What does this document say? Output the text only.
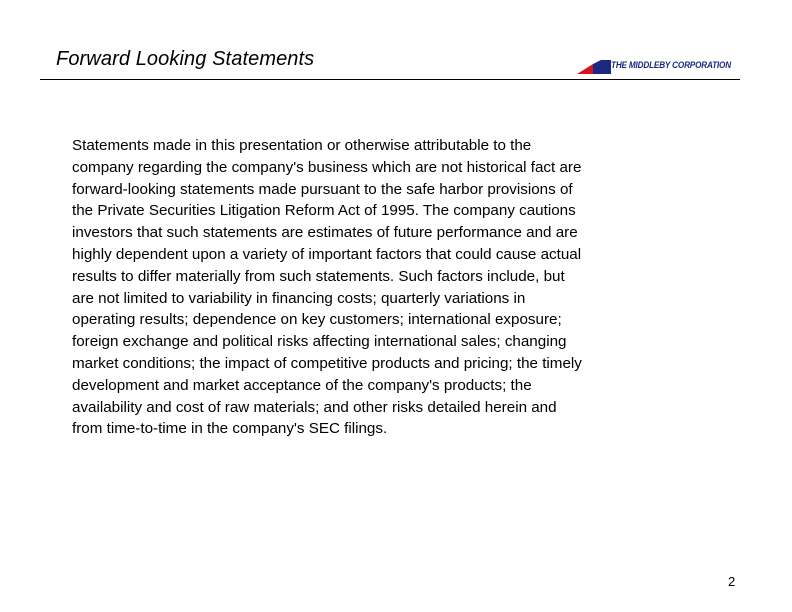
Forward Looking Statements	THE MIDDLEBY CORPORATION
Statements made in this presentation or otherwise attributable to the
company regarding the company's business which are not historical fact are
forward-looking statements made pursuant to the safe harbor provisions of
the Private Securities Litigation Reform Act of 1995. The company cautions
investors that such statements are estimates of future performance and are
highly dependent upon a variety of important factors that could cause actual
results to differ materially from such statements. Such factors include, but
are not limited to variability in financing costs; quarterly variations in
operating results; dependence on key customers; international exposure;
foreign exchange and political risks affecting international sales; changing
market conditions; the impact of competitive products and pricing; the timely
development and market acceptance of the company's products; the
availability and cost of raw materials; and other risks detailed herein and
from time-to-time in the company's SEC filings.
2
